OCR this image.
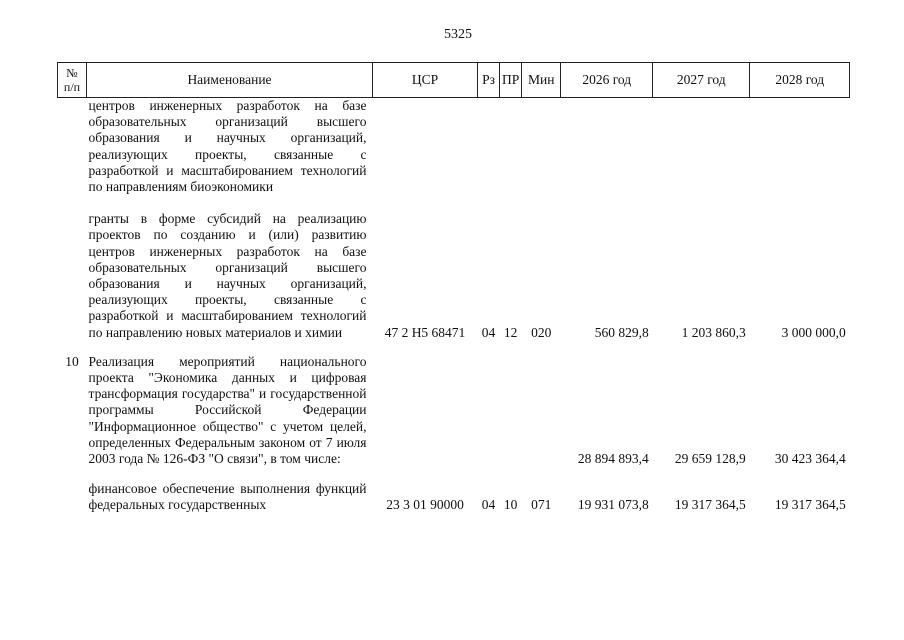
5325
№ п/п	Наименование	ЦСР	Рз	ПР	Мин	2026 год	2027 год	2028 год
	центров инженерных разработок на базе образовательных организаций высшего образования и научных организаций, реализующих проекты, связанные с разработкой и масштабированием технологий по направлениям биоэкономики							
	гранты в форме субсидий на реализацию проектов по созданию и (или) развитию центров инженерных разработок на базе образовательных организаций высшего образования и научных организаций, реализующих проекты, связанные с разработкой и масштабированием технологий по направлению новых материалов и химии	47 2 Н5 68471	04	12	020	560 829,8	1 203 860,3	3 000 000,0
10	Реализация мероприятий национального проекта "Экономика данных и цифровая трансформация государства" и государственной программы Российской Федерации "Информационное общество" с учетом целей, определенных Федеральным законом от 7 июля 2003 года № 126-ФЗ "О связи", в том числе:					28 894 893,4	29 659 128,9	30 423 364,4
	финансовое обеспечение выполнения функций федеральных государственных	23 3 01 90000	04	10	071	19 931 073,8	19 317 364,5	19 317 364,5
